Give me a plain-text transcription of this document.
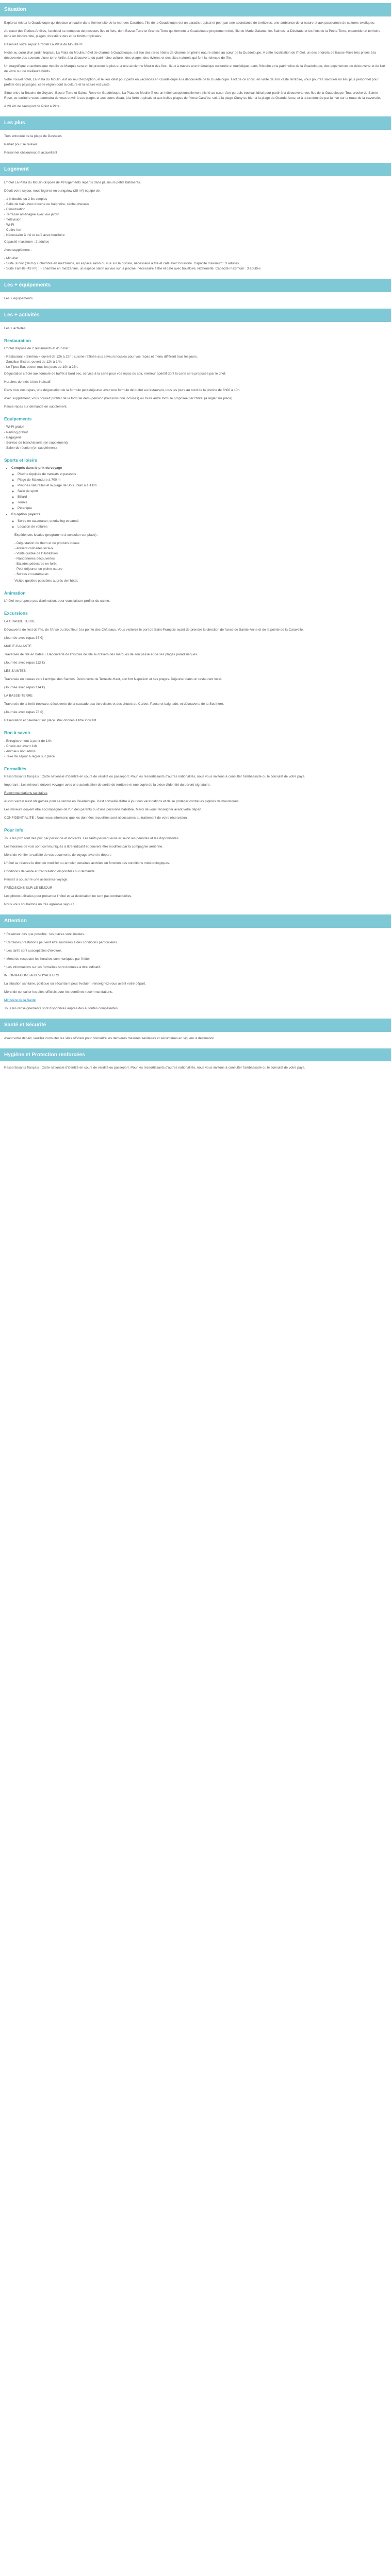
Situation

Explorez mieux la Guadeloupe qui déplace un cadre dans l'immensité de la mer des Caraïbes, l'île de la Guadeloupe est un paradis tropical et pétri par une abondance de territoires, une ambiance de la nature et aux passionnés de cultures exotiques.

Au cœur des Petites Antilles, l'archipel se compose de plusieurs îles et îlets, dont Basse-Terre et Grande-Terre qui forment la Guadeloupe proprement dite, l'île de Marie-Galante, les Saintes, la Désirade et les îlets de la Petite-Terre, ensemble un territoire riche en biodiversité, plages, forestière des et de forêts tropicales.

Réservez votre séjour à l'hôtel La Plata de Mouillé ®:

Niché au cœur d'un jardin tropical, La Plata du Moulin, hôtel de charme à Guadeloupe, est l'un des rares hôtels de charme en pleine nature situés au cœur de la Guadeloupe. A cette localisation de l'hôtel, un des endroits de Basse-Terre très prisés à la découverte des saveurs d'une terre fertile, à la découverte du patrimoine culturel, des plages, des rivières et des sites naturels qui font la richesse de l'île.

Un magnifique et authentique moulin de Marquis sera en lui procure le plus et à une ancienne Moulin des îles ; lieux à travers une thématique culturelle et touristique, dans l'histoire et la patrimoine de la Guadeloupe, des expériences de découverte et de l'art de vivre sur de meilleurs bords.

Votre nouvel hôtel, La Plata du Moulin, est un lieu d'exception, et le lieu idéal pour partir en vacances en Guadeloupe à la découverte de la Guadeloupe. Fort de ce choix, en visite de son vaste territoire, vous pourrez savourer un lieu plus personnel pour profiter des paysages, cette région dont la culture et la nature est vaste.

Situé entre la Bouche de Goyave, Basse-Terre et Sainte-Rose en Guadeloupe, La Plata du Moulin ® est un hôtel exceptionnellement niché au cœur d'un paradis tropical, idéal pour partir à la découverte des îles de la Guadeloupe. Tout proche de Sainte-Rose, ce territoire vous permettra de vous ouvrir à ses plages et aux cours d'eau, à la forêt tropicale et aux belles plages de l'Anse Caraïbe, soit à la plage Cluny ou bien à la plage de Grande-Anse, et à la randonnée par la rive sur la route de la traversée.

A 20 km de l'aéroport de Point à Pitre.

Les plus

Très entourée de la plage de Deshaies

Parfait pour se relaxer

Personnel chaleureux et accueillant

Logement

L'hôtel La Plata du Moulin dispose de 49 logements répartis dans plusieurs petits bâtiments.

Décrit votre séjour, nous logerez en bungalow (28 m²) équipé de :

- 1 lit double ou 2 lits simples

- Salle de bain avec douche ou baignoire, sèche-cheveux

- Climatisation

- Terrasse aménagée avec vue jardin

- Télévision

- Wi-Fi

- Coffre-fort

- Nécessaire à thé et café avec bouilloire

Capacité maximum : 2 adultes

Avec supplément :

- Mini-bar

- Suite Junior (34 m²) + chambre en mezzanine, un espace salon ou vue sur la piscine, nécessaire à thé et café avec bouilloire. Capacité maximum : 3 adultes

- Suite Famille (43 m²) : + chambre en mezzanine, un espace salon ou vue sur la piscine, nécessaire à thé et café avec bouilloire, kitchenette. Capacité maximum : 3 adultes

Les + équipements

Les + équipements

Les + activités

Les + activités

Restauration

L'hôtel dispose de 2 restaurants et d'un bar :

- Restaurant « Sinéma » ouvert de 12h à 22h : cuisine raffinée aux saveurs locales pour vos repas et menu différent tous les jours.

- Zanzibar Bistrot, ouvert de 12h à 14h.

- Le Tipou Bar, ouvert tous les jours de 10h à 23h.

Dégustation créole aux formule de buffet à bord sec, service à la carte pour vos repas du soir, meilleur apéritif dont la carte sera proposée par le chef.

Horaires donnés à titre indicatif.

Dans tous nos repas, une dégustation de la formule petit-déjeuner avec une formule de buffet au restaurant, tous les jours au bord de la piscine de 8h00 à 10h.

Avec supplément, vous pouvez profiter de la formule demi-pension (boissons non incluses) ou toute autre formule proposée par l'hôtel (à régler sur place).

Pause repas sur demande en supplément.

Equipements

- Wi-Fi gratuit

- Parking gratuit

- Bagagerie

- Service de blanchisserie (en supplément)

- Salon de réunion (en supplément)

Sports et loisirs
• Compris dans le prix du voyage
◦ Piscine équipée de transats et parasols
◦ Plage de Malendure à 700 m
◦ Piscines naturelles et la plage de Bois Jolan à 1,4 km
◦ Salle de sport
◦ Billard
◦ Tennis
◦ Pétanque
• En option payante
◦ Sortie en catamaran, snorkeling et canoë
◦ Location de voitures

Expériences locales (programme à consulter sur place) :

- Dégustation du rhum et de produits locaux

- Ateliers culinaires locaux

- Visite guidée de l'Habitation

- Randonnées découvertes

- Balades pédestres en forêt

- Petit-déjeuner en pleine nature

- Sorties en catamaran

Visites guidées possibles auprès de l'hôtel.

Animation

L'hôtel ne propose pas d'animation, pour vous laisser profiter du calme.

Excursions

LA GRANDE TERRE

Découverte de l'est de l'île, de l'Anse du Souffleur à la pointe des Châteaux. Vous visiterez le port de Saint-François avant de prendre la direction de l'anse de Sainte-Anne et de la pointe de la Caravelle.

(Journée avec repas 37 €)

MARIE-GALANTE

Traversée de l'île en bateau. Découverte de l'histoire de l'île au travers des marques de son passé et de ses plages paradisiaques.

(Journée avec repas 112 €)

LES SAINTES

Traversée en bateau vers l'archipel des Saintes. Découverte de Terre-de-Haut, son fort Napoléon et ses plages. Déjeuner dans un restaurant local.

(Journée avec repas 114 €)

LA BASSE-TERRE

Traversée de la forêt tropicale, découverte de la cascade aux écrevisses et des chutes du Carbet. Pause et baignade, et découverte de la Soufrière.

(Journée avec repas 78 €)

Réservation et paiement sur place. Prix donnés à titre indicatif.

Bon à savoir

- Enregistrement à partir de 14h

- Check-out avant 11h

- Animaux non admis

- Taxe de séjour à régler sur place

Formalités

Ressortissants français : Carte nationale d'identité en cours de validité ou passeport. Pour les ressortissants d'autres nationalités, nous vous invitons à consulter l'ambassade ou le consulat de votre pays.

Important : Les mineurs doivent voyager avec une autorisation de sortie de territoire et une copie de la pièce d'identité du parent signataire.

Recommandations sanitaires

Aucun vaccin n'est obligatoire pour se rendre en Guadeloupe. Il est conseillé d'être à jour des vaccinations et de se protéger contre les piqûres de moustiques.

Les mineurs doivent être accompagnés de l'un des parents ou d'une personne habilitée. Merci de vous renseigner avant votre départ.

CONFIDENTIALITÉ : Nous vous informons que les données recueillies sont nécessaires au traitement de votre réservation.

Pour info

Tous les prix sont des prix par personne et indicatifs. Les tarifs peuvent évoluer selon les périodes et les disponibilités.

Les horaires de vols sont communiqués à titre indicatif et peuvent être modifiés par la compagnie aérienne.

Merci de vérifier la validité de vos documents de voyage avant le départ.

L'hôtel se réserve le droit de modifier ou annuler certaines activités en fonction des conditions météorologiques.

Conditions de vente et d'annulation disponibles sur demande.

Pensez à souscrire une assurance voyage.

PRÉCISIONS SUR LE SÉJOUR

Les photos utilisées pour présenter l'hôtel et sa destination ne sont pas contractuelles.

Nous vous souhaitons un très agréable séjour !

Attention

* Réservez dès que possible : les places sont limitées.

* Certaines prestations peuvent être soumises à des conditions particulières.

* Les tarifs sont susceptibles d'évoluer.

* Merci de respecter les horaires communiqués par l'hôtel.

* Les informations sur les formalités sont données à titre indicatif.

INFORMATIONS AUX VOYAGEURS

La situation sanitaire, politique ou sécuritaire peut évoluer : renseignez-vous avant votre départ.

Merci de consulter les sites officiels pour les dernières recommandations.

Ministère de la Santé

Tous les renseignements sont disponibles auprès des autorités compétentes.

Santé et Sécurité

Avant votre départ, veuillez consulter les sites officiels pour connaître les dernières mesures sanitaires et sécuritaires en vigueur à destination.

Hygiène et Protection renforcées

Ressortissants français : Carte nationale d'identité en cours de validité ou passeport. Pour les ressortissants d'autres nationalités, nous vous invitons à consulter l'ambassade ou le consulat de votre pays.
